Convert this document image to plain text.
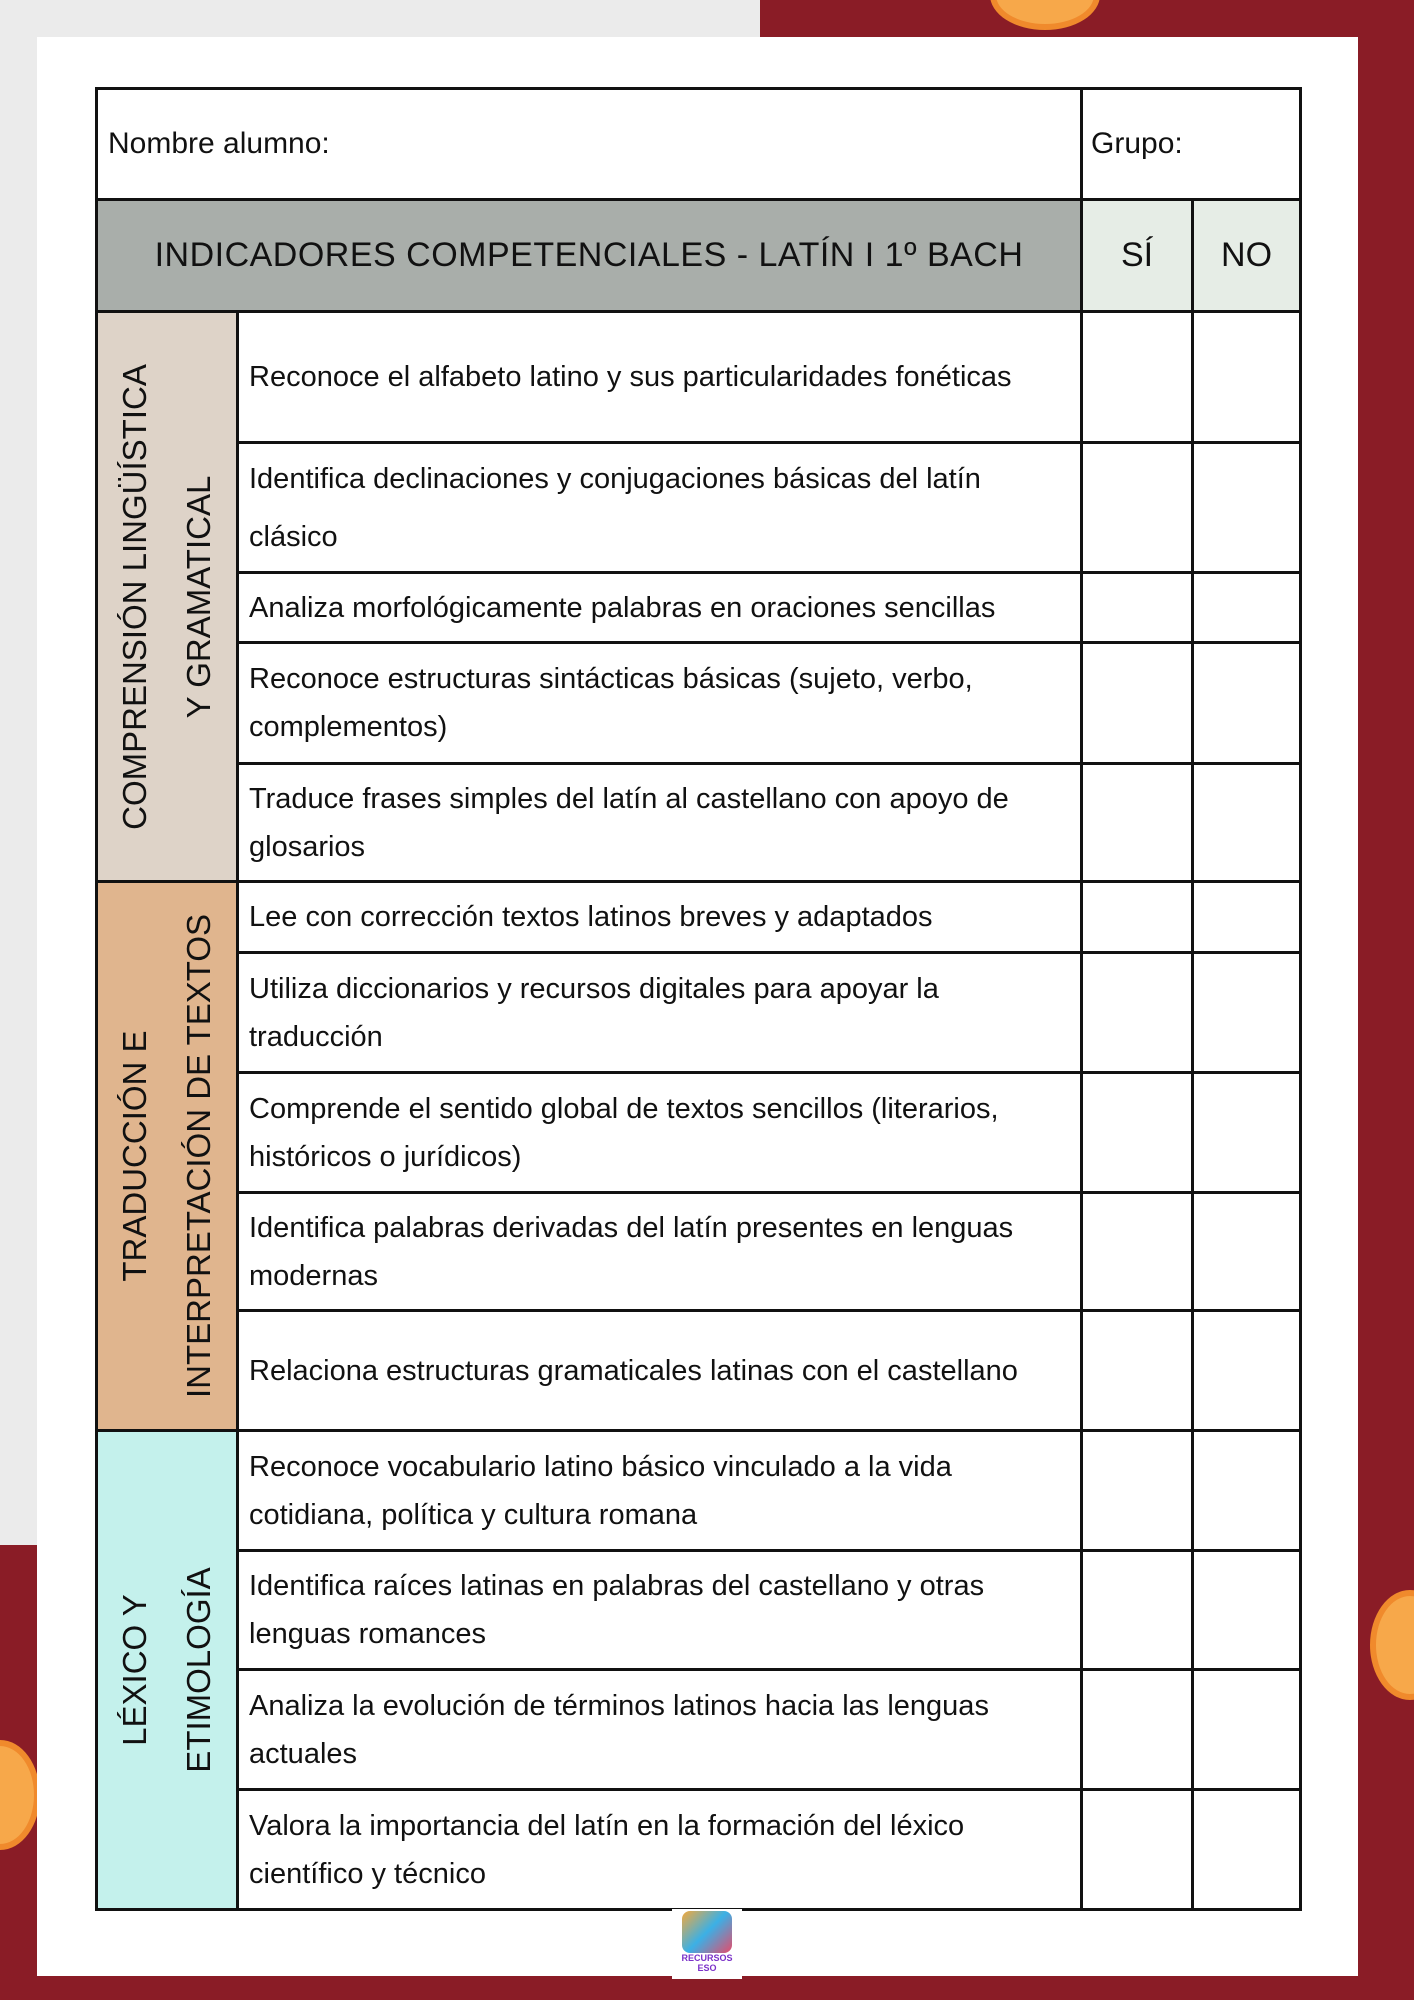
Nombre alumno:		Grupo:	
INDICADORES COMPETENCIALES - LATÍN I 1º BACH		SÍ	NO

COMPRENSIÓN LINGÜÍSTICA Y GRAMATICAL	Reconoce el alfabeto latino y sus particularidades fonéticas		
	Identifica declinaciones y conjugaciones básicas del latín clásico		
	Analiza morfológicamente palabras en oraciones sencillas		
	Reconoce estructuras sintácticas básicas (sujeto, verbo, complementos)		
	Traduce frases simples del latín al castellano con apoyo de glosarios		

TRADUCCIÓN E INTERPRETACIÓN DE TEXTOS	Lee con corrección textos latinos breves y adaptados		
	Utiliza diccionarios y recursos digitales para apoyar la traducción		
	Comprende el sentido global de textos sencillos (literarios, históricos o jurídicos)		
	Identifica palabras derivadas del latín presentes en lenguas modernas		
	Relaciona estructuras gramaticales latinas con el castellano		

LÉXICO Y ETIMOLOGÍA	Reconoce vocabulario latino básico vinculado a la vida cotidiana, política y cultura romana		
	Identifica raíces latinas en palabras del castellano y otras lenguas romances		
	Analiza la evolución de términos latinos hacia las lenguas actuales		
	Valora la importancia del latín en la formación del léxico científico y técnico		
RECURSOS
ESO
